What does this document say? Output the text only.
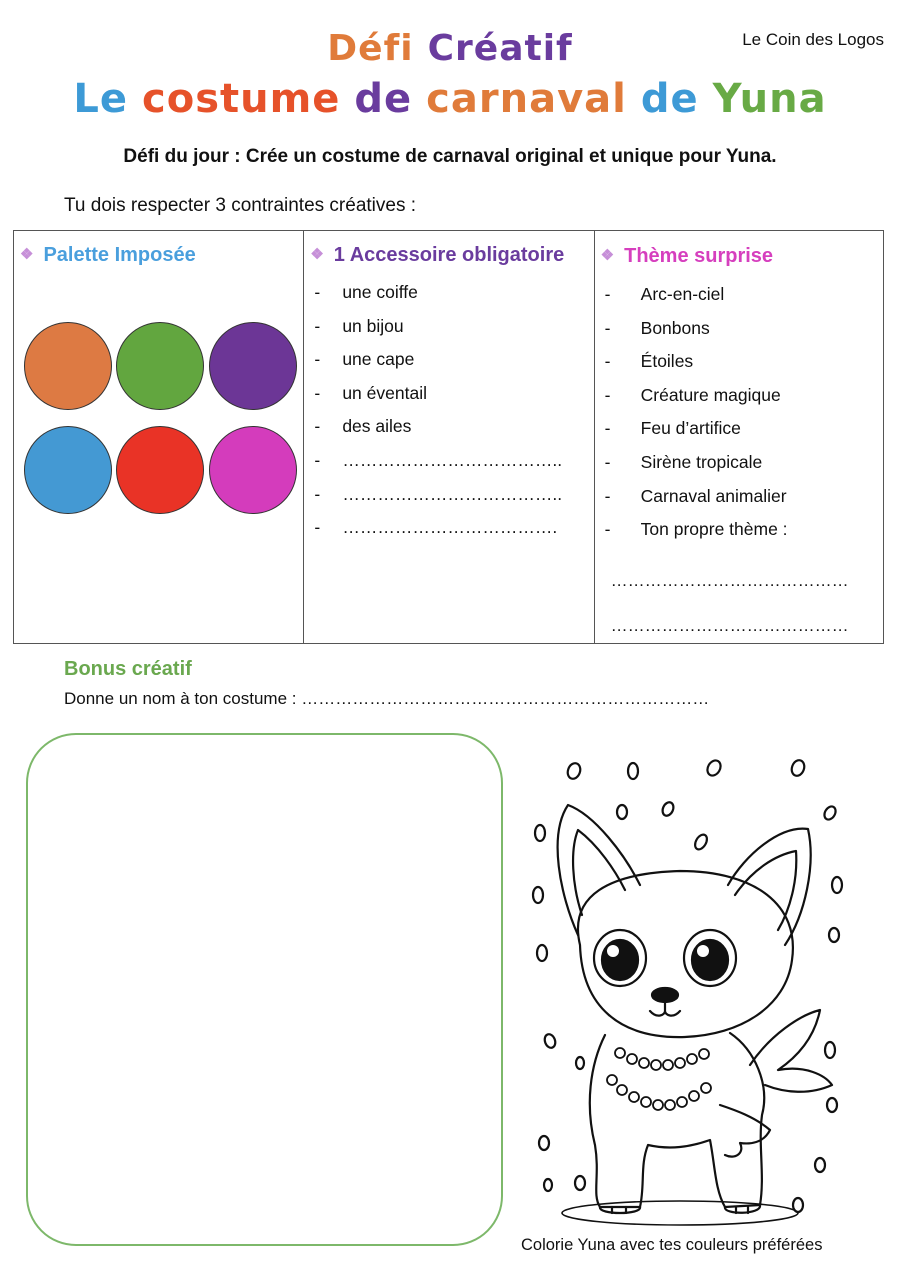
Le Coin des Logos
Défi Créatif
Le costume de carnaval de Yuna
Défi du jour : Crée un costume de carnaval original et unique pour Yuna.
Tu dois respecter 3 contraintes créatives :
❖ Palette Imposée	❖ 1 Accessoire obligatoire
- une coiffe
- un bijou
- une cape
- un éventail
- des ailes
- ………………………………..
- ………………………………..
- ……………………………….
❖ Thème surprise
- Arc-en-ciel
- Bonbons
- Étoiles
- Créature magique
- Feu d’artifice
- Sirène tropicale
- Carnaval animalier
- Ton propre thème :
……………………………………
……………………………………
Bonus créatif
Donne un nom à ton costume : ………………………………………………………………
Colorie Yuna avec tes couleurs préférées
